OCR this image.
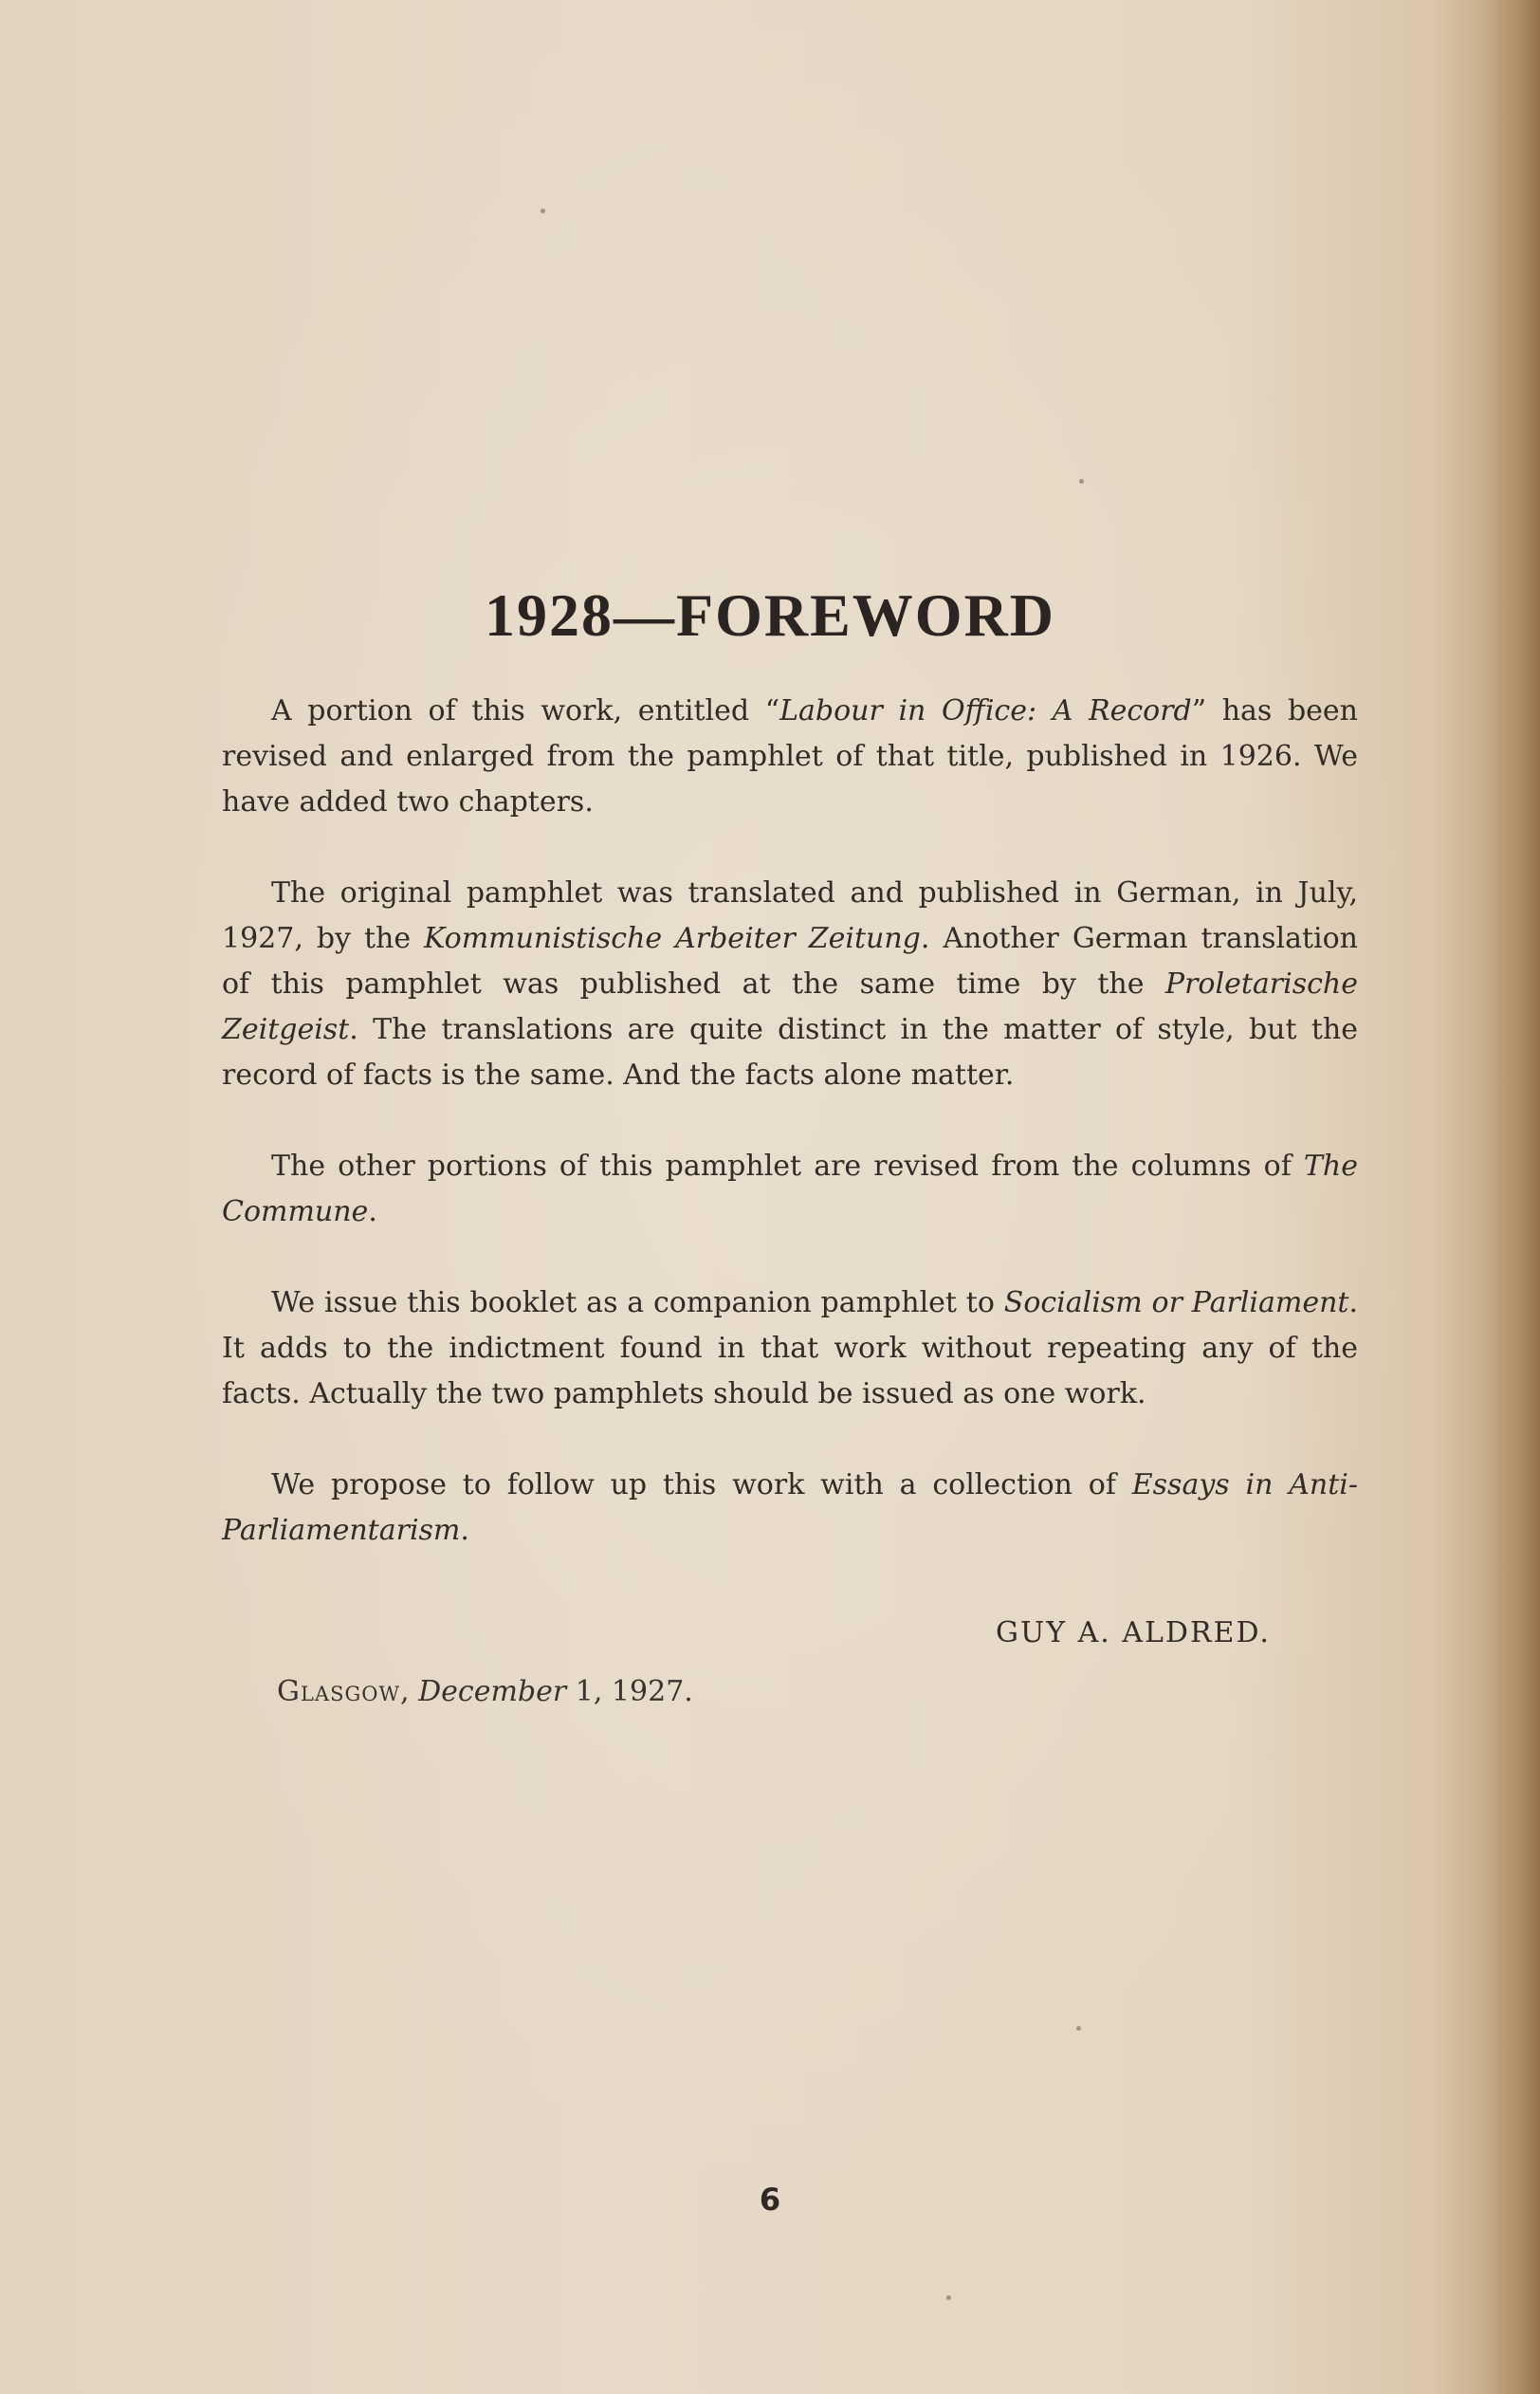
1928—FOREWORD

A portion of this work, entitled “Labour in Office: A Record” has been revised and enlarged from the pamphlet of that title, published in 1926. We have added two chapters.

The original pamphlet was translated and published in German, in July, 1927, by the Kommunistische Arbeiter Zeitung. Another German translation of this pamphlet was published at the same time by the Proletarische Zeitgeist. The translations are quite distinct in the matter of style, but the record of facts is the same. And the facts alone matter.

The other portions of this pamphlet are revised from the columns of The Commune.

We issue this booklet as a companion pamphlet to Socialism or Parliament. It adds to the indictment found in that work without repeating any of the facts. Actually the two pamphlets should be issued as one work.

We propose to follow up this work with a collection of Essays in Anti-Parliamentarism.

GUY A. ALDRED.
Glasgow, December 1, 1927.
6
